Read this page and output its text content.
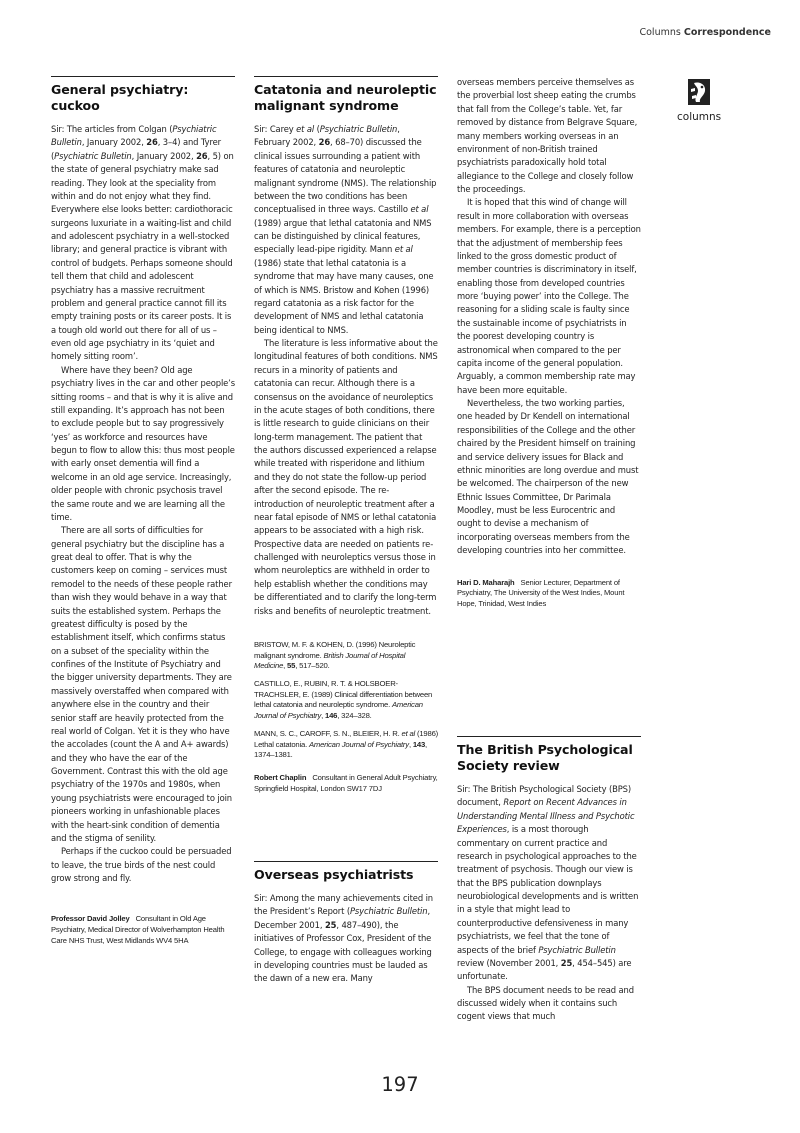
Columns Correspondence
columns
General psychiatry: cuckoo

Sir: The articles from Colgan (Psychiatric Bulletin, January 2002, 26, 3–4) and Tyrer (Psychiatric Bulletin, January 2002, 26, 5) on the state of general psychiatry make sad reading. They look at the speciality from within and do not enjoy what they find. Everywhere else looks better: cardiothoracic surgeons luxuriate in a waiting-list and child and adolescent psychiatry in a well-stocked library; and general practice is vibrant with control of budgets. Perhaps someone should tell them that child and adolescent psychiatry has a massive recruitment problem and general practice cannot fill its empty training posts or its career posts. It is a tough old world out there for all of us – even old age psychiatry in its ‘quiet and homely sitting room’.

Where have they been? Old age psychiatry lives in the car and other people’s sitting rooms – and that is why it is alive and still expanding. It’s approach has not been to exclude people but to say progressively ‘yes’ as workforce and resources have begun to flow to allow this: thus most people with early onset dementia will find a welcome in an old age service. Increasingly, older people with chronic psychosis travel the same route and we are learning all the time.

There are all sorts of difficulties for general psychiatry but the discipline has a great deal to offer. That is why the customers keep on coming – services must remodel to the needs of these people rather than wish they would behave in a way that suits the established system. Perhaps the greatest difficulty is posed by the establishment itself, which confirms status on a subset of the speciality within the confines of the Institute of Psychiatry and the bigger university departments. They are massively overstaffed when compared with anywhere else in the country and their senior staff are heavily protected from the real world of Colgan. Yet it is they who have the accolades (count the A and A+ awards) and they who have the ear of the Government. Contrast this with the old age psychiatry of the 1970s and 1980s, when young psychiatrists were encouraged to join pioneers working in unfashionable places with the heart-sink condition of dementia and the stigma of senility.

Perhaps if the cuckoo could be persuaded to leave, the true birds of the nest could grow strong and fly.

Professor David Jolley Consultant in Old Age Psychiatry, Medical Director of Wolverhampton Health Care NHS Trust, West Midlands WV4 5HA
Catatonia and neuroleptic malignant syndrome

Sir: Carey et al (Psychiatric Bulletin, February 2002, 26, 68–70) discussed the clinical issues surrounding a patient with features of catatonia and neuroleptic malignant syndrome (NMS). The relationship between the two conditions has been conceptualised in three ways. Castillo et al (1989) argue that lethal catatonia and NMS can be distinguished by clinical features, especially lead-pipe rigidity. Mann et al (1986) state that lethal catatonia is a syndrome that may have many causes, one of which is NMS. Bristow and Kohen (1996) regard catatonia as a risk factor for the development of NMS and lethal catatonia being identical to NMS.

The literature is less informative about the longitudinal features of both conditions. NMS recurs in a minority of patients and catatonia can recur. Although there is a consensus on the avoidance of neuroleptics in the acute stages of both conditions, there is little research to guide clinicians on their long-term management. The patient that the authors discussed experienced a relapse while treated with risperidone and lithium and they do not state the follow-up period after the second episode. The re-introduction of neuroleptic treatment after a near fatal episode of NMS or lethal catatonia appears to be associated with a high risk. Prospective data are needed on patients re-challenged with neuroleptics versus those in whom neuroleptics are withheld in order to help establish whether the conditions may be differentiated and to clarify the long-term risks and benefits of neuroleptic treatment.

BRISTOW, M. F. & KOHEN, D. (1996) Neuroleptic malignant syndrome. British Journal of Hospital Medicine, 55, 517–520.

CASTILLO, E., RUBIN, R. T. & HOLSBOER-TRACHSLER, E. (1989) Clinical differentiation between lethal catatonia and neuroleptic syndrome. American Journal of Psychiatry, 146, 324–328.

MANN, S. C., CAROFF, S. N., BLEIER, H. R. et al (1986) Lethal catatonia. American Journal of Psychiatry, 143, 1374–1381.

Robert Chaplin Consultant in General Adult Psychiatry, Springfield Hospital, London SW17 7DJ
Overseas psychiatrists

Sir: Among the many achievements cited in the President’s Report (Psychiatric Bulletin, December 2001, 25, 487–490), the initiatives of Professor Cox, President of the College, to engage with colleagues working in developing countries must be lauded as the dawn of a new era. Many

overseas members perceive themselves as the proverbial lost sheep eating the crumbs that fall from the College’s table. Yet, far removed by distance from Belgrave Square, many members working overseas in an environment of non-British trained psychiatrists paradoxically hold total allegiance to the College and closely follow the proceedings.

It is hoped that this wind of change will result in more collaboration with overseas members. For example, there is a perception that the adjustment of membership fees linked to the gross domestic product of member countries is discriminatory in itself, enabling those from developed countries more ‘buying power’ into the College. The reasoning for a sliding scale is faulty since the sustainable income of psychiatrists in the poorest developing country is astronomical when compared to the per capita income of the general population. Arguably, a common membership rate may have been more equitable.

Nevertheless, the two working parties, one headed by Dr Kendell on international responsibilities of the College and the other chaired by the President himself on training and service delivery issues for Black and ethnic minorities are long overdue and must be welcomed. The chairperson of the new Ethnic Issues Committee, Dr Parimala Moodley, must be less Eurocentric and ought to devise a mechanism of incorporating overseas members from the developing countries into her committee.

Hari D. Maharajh Senior Lecturer, Department of Psychiatry, The University of the West Indies, Mount Hope, Trinidad, West Indies
The British Psychological Society review

Sir: The British Psychological Society (BPS) document, Report on Recent Advances in Understanding Mental Illness and Psychotic Experiences, is a most thorough commentary on current practice and research in psychological approaches to the treatment of psychosis. Though our view is that the BPS publication downplays neurobiological developments and is written in a style that might lead to counterproductive defensiveness in many psychiatrists, we feel that the tone of aspects of the brief Psychiatric Bulletin review (November 2001, 25, 454–545) are unfortunate.

The BPS document needs to be read and discussed widely when it contains such cogent views that much

197
